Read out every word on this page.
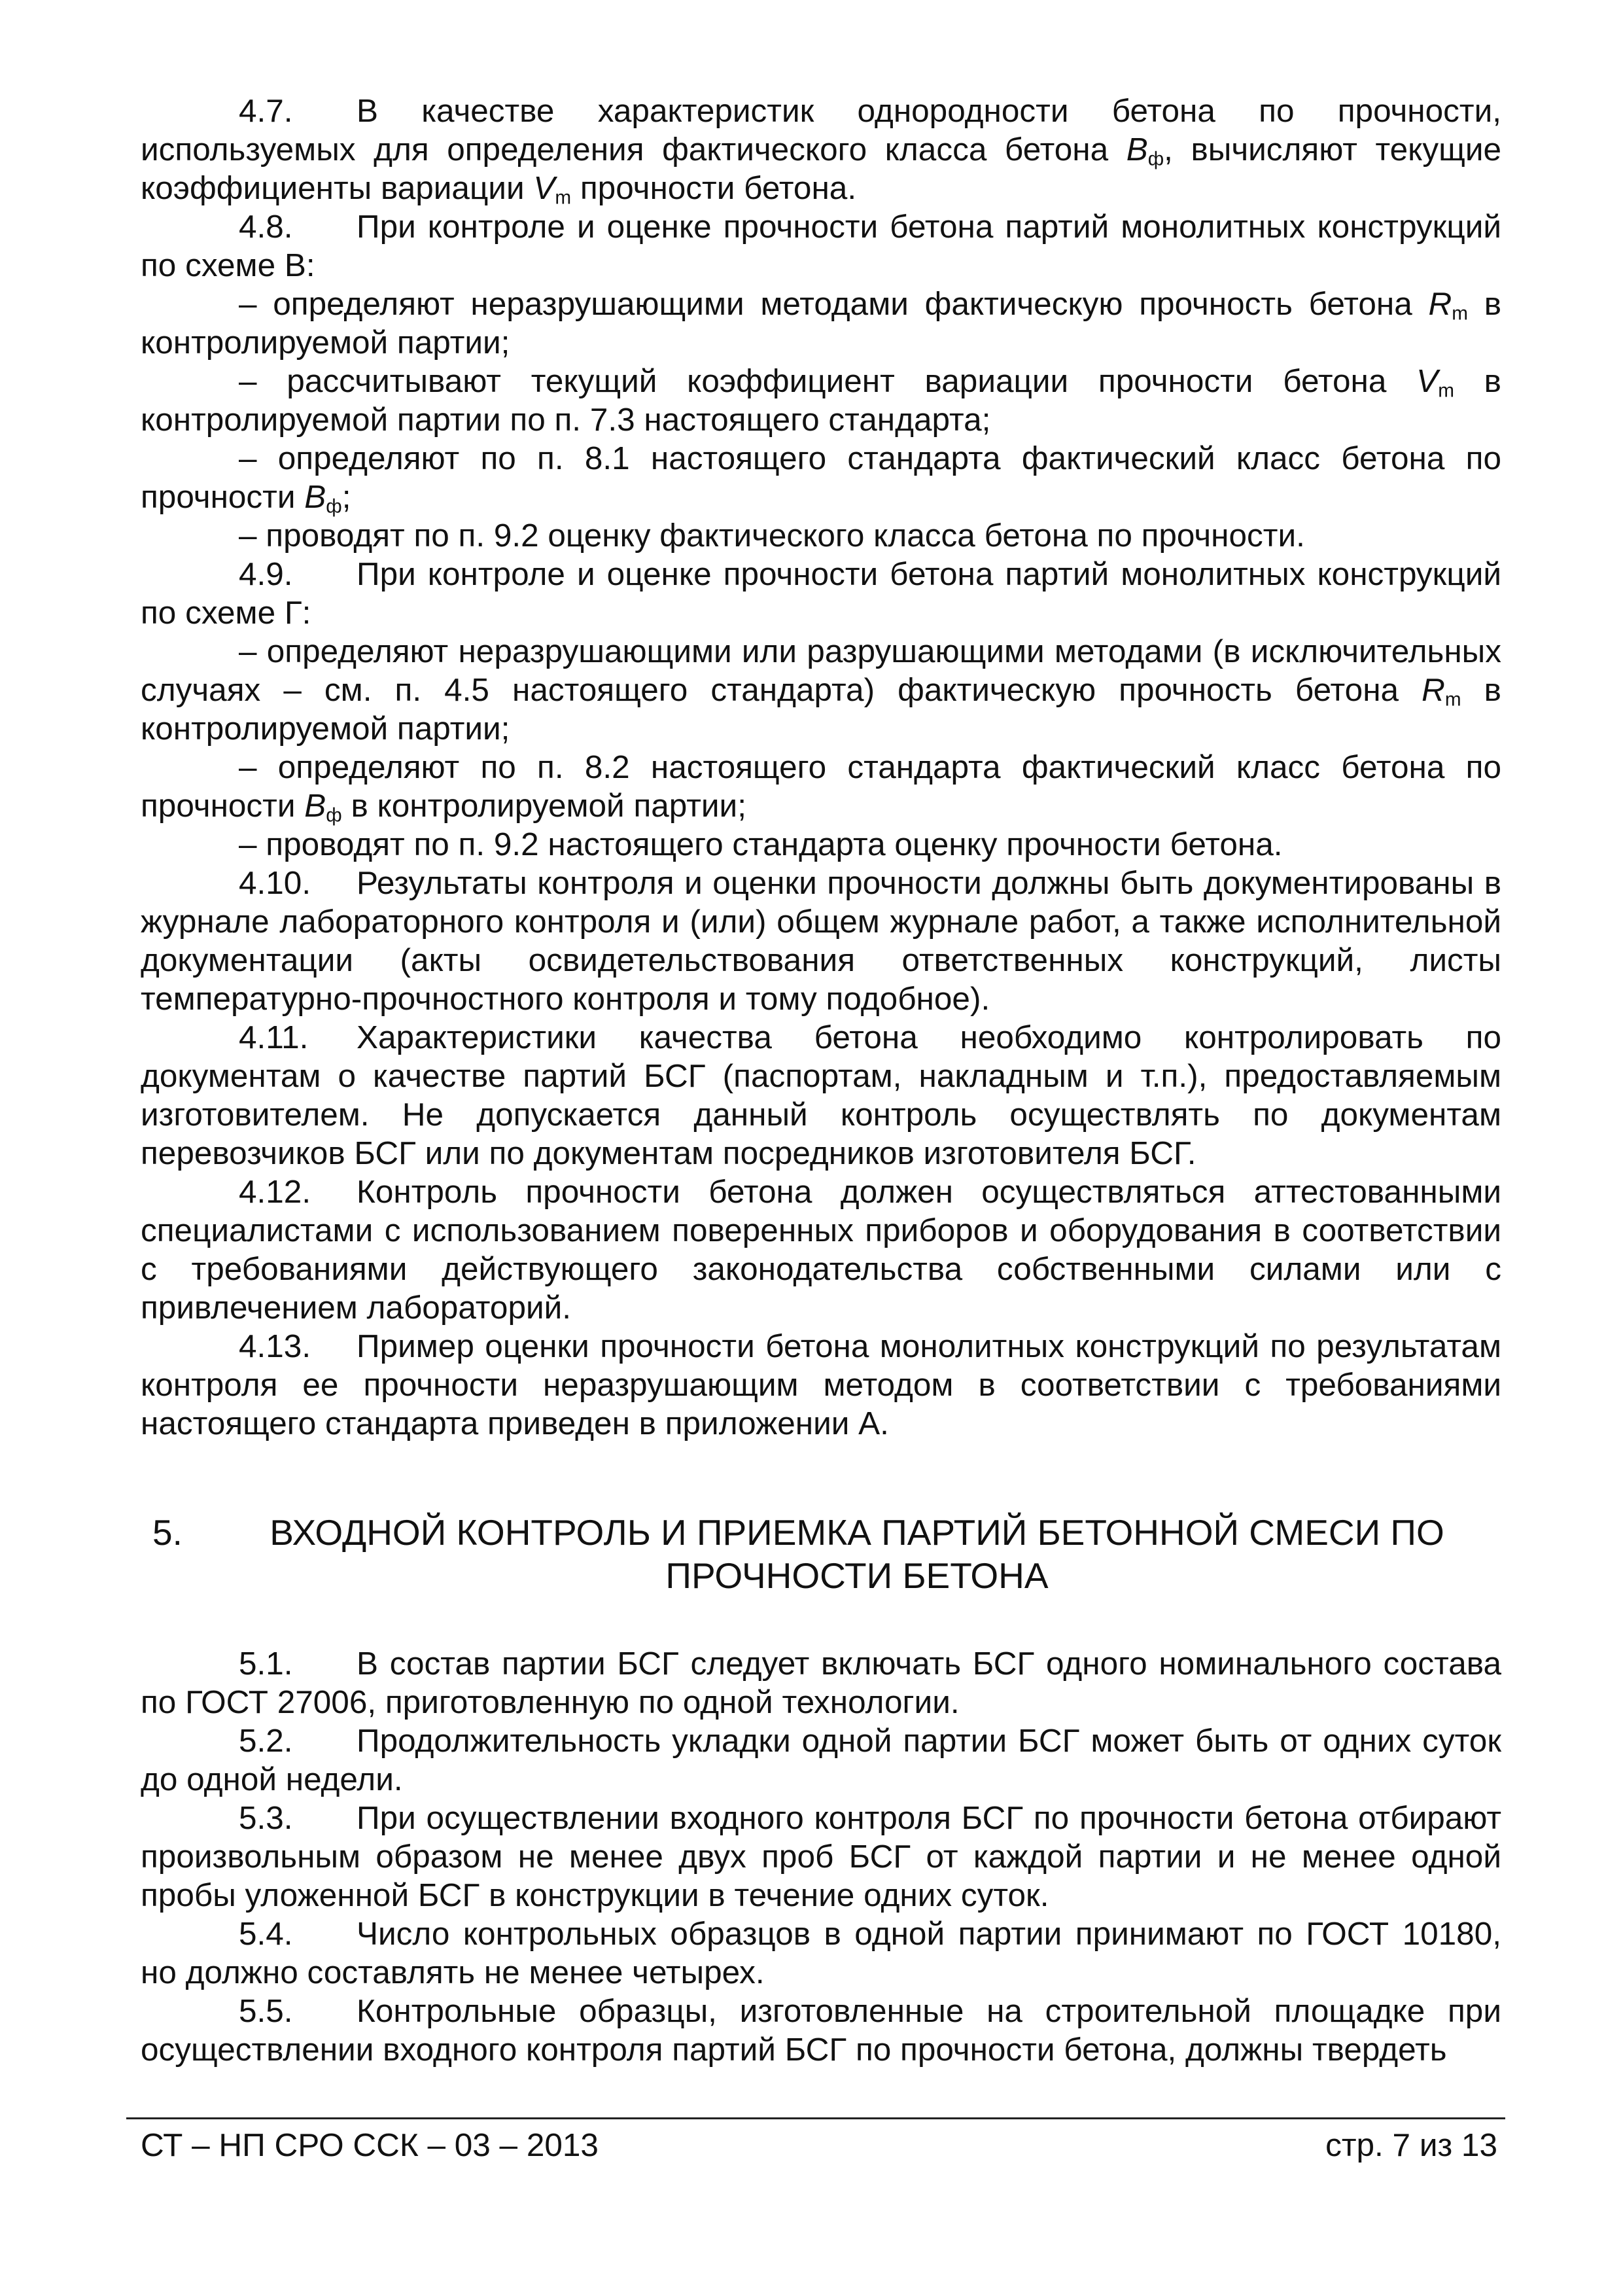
4.7. В качестве характеристик однородности бетона по прочности, используемых для определения фактического класса бетона $В_ф$, вычисляют текущие коэффициенты вариации $V_m$ прочности бетона.

4.8. При контроле и оценке прочности бетона партий монолитных конструкций по схеме В:

– определяют неразрушающими методами фактическую прочность бетона $R_m$ в контролируемой партии;

– рассчитывают текущий коэффициент вариации прочности бетона $V_m$ в контролируемой партии по п. 7.3 настоящего стандарта;

– определяют по п. 8.1 настоящего стандарта фактический класс бетона по прочности $В_ф$;

– проводят по п. 9.2 оценку фактического класса бетона по прочности.

4.9. При контроле и оценке прочности бетона партий монолитных конструкций по схеме Г:

– определяют неразрушающими или разрушающими методами (в исключительных случаях – см. п. 4.5 настоящего стандарта) фактическую прочность бетона $R_m$ в контролируемой партии;

– определяют по п. 8.2 настоящего стандарта фактический класс бетона по прочности $В_ф$ в контролируемой партии;

– проводят по п. 9.2 настоящего стандарта оценку прочности бетона.

4.10. Результаты контроля и оценки прочности должны быть документированы в журнале лабораторного контроля и (или) общем журнале работ, а также исполнительной документации (акты освидетельствования ответственных конструкций, листы температурно-прочностного контроля и тому подобное).

4.11. Характеристики качества бетона необходимо контролировать по документам о качестве партий БСГ (паспортам, накладным и т.п.), предоставляемым изготовителем. Не допускается данный контроль осуществлять по документам перевозчиков БСГ или по документам посредников изготовителя БСГ.

4.12. Контроль прочности бетона должен осуществляться аттестованными специалистами с использованием поверенных приборов и оборудования в соответствии с требованиями действующего законодательства собственными силами или с привлечением лабораторий.

4.13. Пример оценки прочности бетона монолитных конструкций по результатам контроля ее прочности неразрушающим методом в соответствии с требованиями настоящего стандарта приведен в приложении А.

5.	ВХОДНОЙ КОНТРОЛЬ И ПРИЕМКА ПАРТИЙ БЕТОННОЙ СМЕСИ ПО ПРОЧНОСТИ БЕТОНА

5.1. В состав партии БСГ следует включать БСГ одного номинального состава по ГОСТ 27006, приготовленную по одной технологии.

5.2. Продолжительность укладки одной партии БСГ может быть от одних суток до одной недели.

5.3. При осуществлении входного контроля БСГ по прочности бетона отбирают произвольным образом не менее двух проб БСГ от каждой партии и не менее одной пробы уложенной БСГ в конструкции в течение одних суток.

5.4. Число контрольных образцов в одной партии принимают по ГОСТ 10180, но должно составлять не менее четырех.

5.5. Контрольные образцы, изготовленные на строительной площадке при осуществлении входного контроля партий БСГ по прочности бетона, должны твердеть

СТ – НП СРО ССК – 03 – 2013	стр. 7 из 13
